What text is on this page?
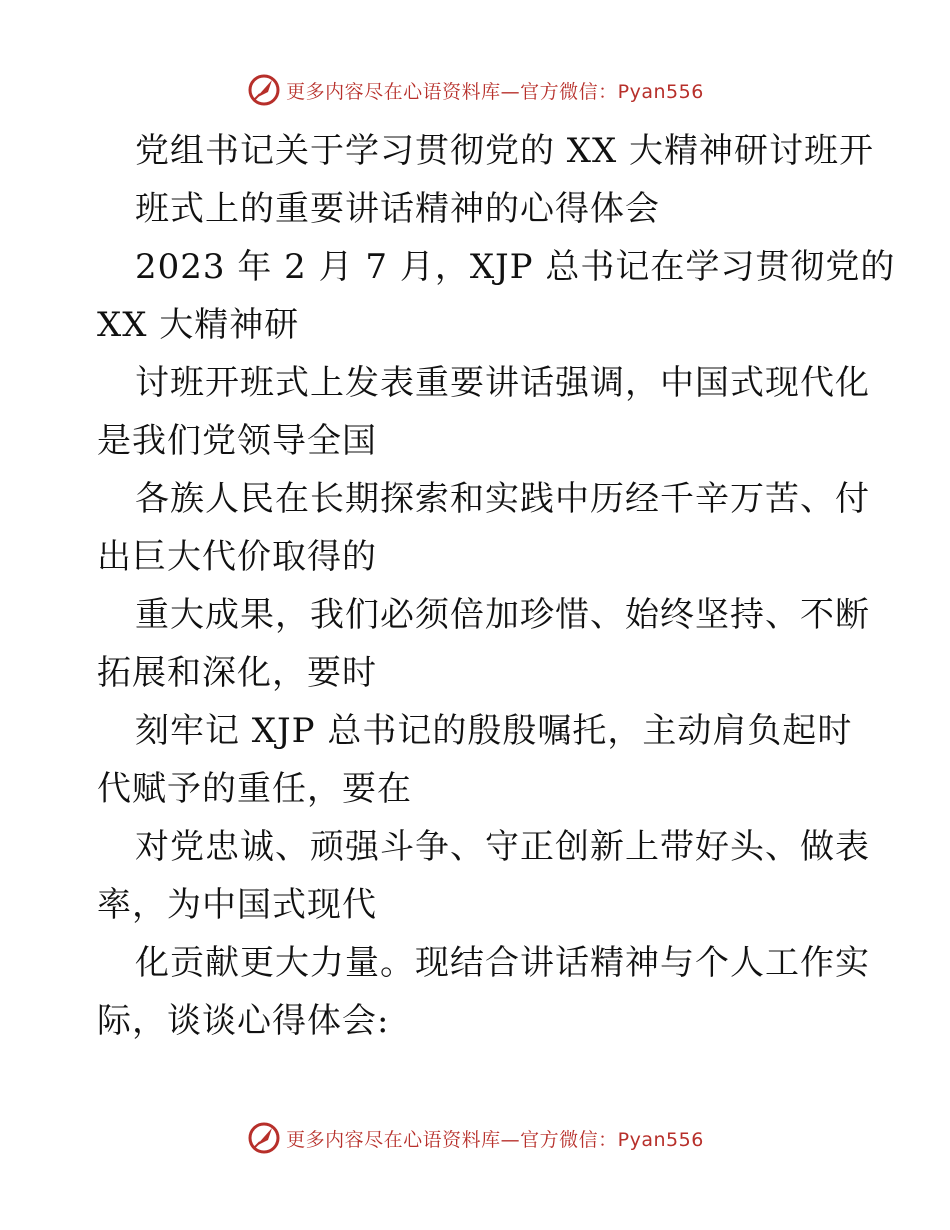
更多内容尽在心语资料库—官方微信：Pyan556

党组书记关于学习贯彻党的 XX 大精神研讨班开
班式上的重要讲话精神的心得体会

2023 年 2 月 7 月，XJP 总书记在学习贯彻党的
XX 大精神研

讨班开班式上发表重要讲话强调，中国式现代化
是我们党领导全国

各族人民在长期探索和实践中历经千辛万苦、付
出巨大代价取得的

重大成果，我们必须倍加珍惜、始终坚持、不断
拓展和深化，要时

刻牢记 XJP 总书记的殷殷嘱托，主动肩负起时
代赋予的重任，要在

对党忠诚、顽强斗争、守正创新上带好头、做表
率，为中国式现代

化贡献更大力量。现结合讲话精神与个人工作实
际，谈谈心得体会:

更多内容尽在心语资料库—官方微信：Pyan556
